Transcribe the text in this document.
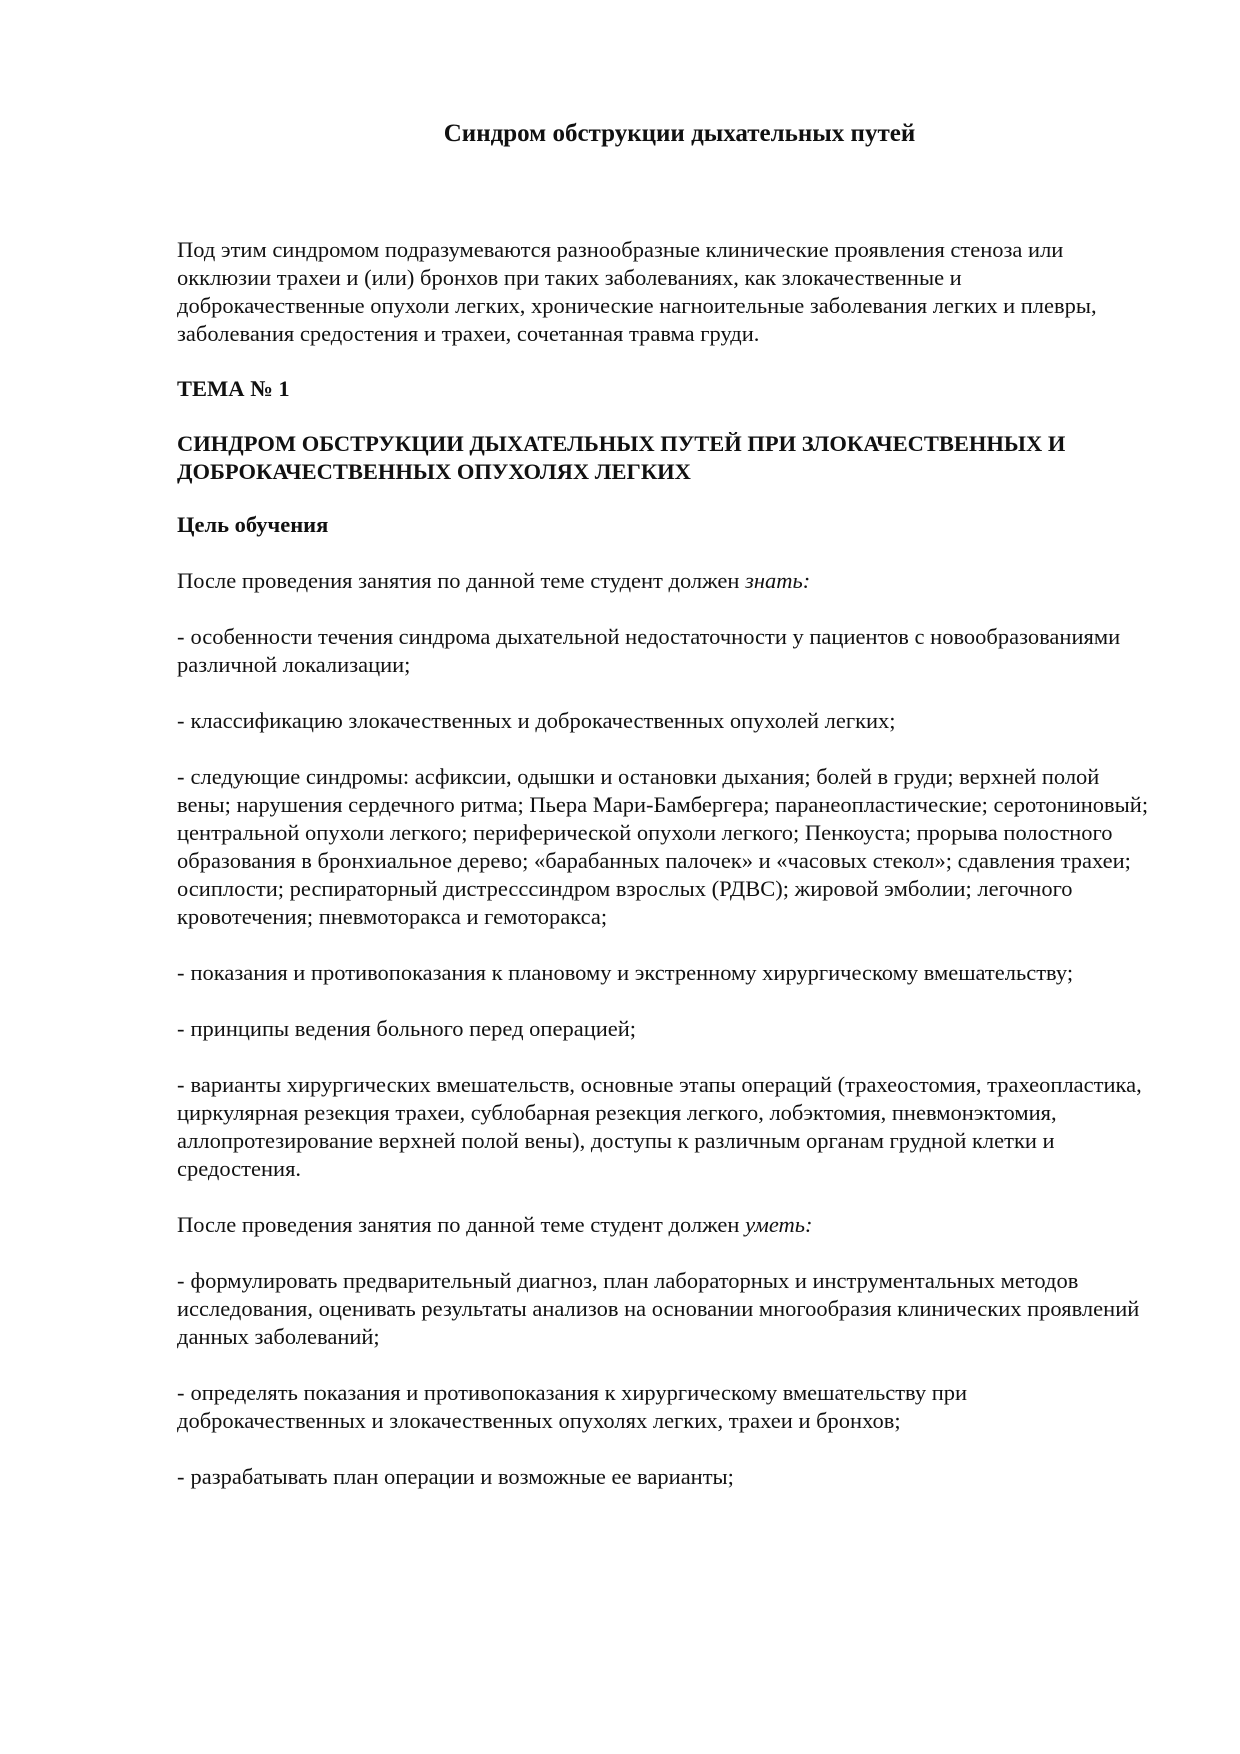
Синдром обструкции дыхательных путей

Под этим синдромом подразумеваются разнообразные клинические проявления стеноза или окклюзии трахеи и (или) бронхов при таких заболеваниях, как злокачественные и доброкачественные опухоли легких, хронические нагноительные заболевания легких и плевры, заболевания средостения и трахеи, сочетанная травма груди.

ТЕМА № 1

СИНДРОМ ОБСТРУКЦИИ ДЫХАТЕЛЬНЫХ ПУТЕЙ ПРИ ЗЛОКАЧЕСТВЕННЫХ И ДОБРОКАЧЕСТВЕННЫХ ОПУХОЛЯХ ЛЕГКИХ

Цель обучения

После проведения занятия по данной теме студент должен знать:

- особенности течения синдрома дыхательной недостаточности у пациентов с новообразованиями различной локализации;
- классификацию злокачественных и доброкачественных опухолей легких;
- следующие синдромы: асфиксии, одышки и остановки дыхания; болей в груди; верхней полой вены; нарушения сердечного ритма; Пьера Мари-Бамбергера; паранеопластические; серотониновый; центральной опухоли легкого; периферической опухоли легкого; Пенкоуста; прорыва полостного образования в бронхиальное дерево; «барабанных палочек» и «часовых стекол»; сдавления трахеи; осиплости; респираторный дистресссиндром взрослых (РДВС); жировой эмболии; легочного кровотечения; пневмоторакса и гемоторакса;
- показания и противопоказания к плановому и экстренному хирургическому вмешательству;
- принципы ведения больного перед операцией;
- варианты хирургических вмешательств, основные этапы операций (трахеостомия, трахеопластика, циркулярная резекция трахеи, сублобарная резекция легкого, лобэктомия, пневмонэктомия, аллопротезирование верхней полой вены), доступы к различным органам грудной клетки и средостения.

После проведения занятия по данной теме студент должен уметь:

- формулировать предварительный диагноз, план лабораторных и инструментальных методов исследования, оценивать результаты анализов на основании многообразия клинических проявлений данных заболеваний;
- определять показания и противопоказания к хирургическому вмешательству при доброкачественных и злокачественных опухолях легких, трахеи и бронхов;
- разрабатывать план операции и возможные ее варианты;
